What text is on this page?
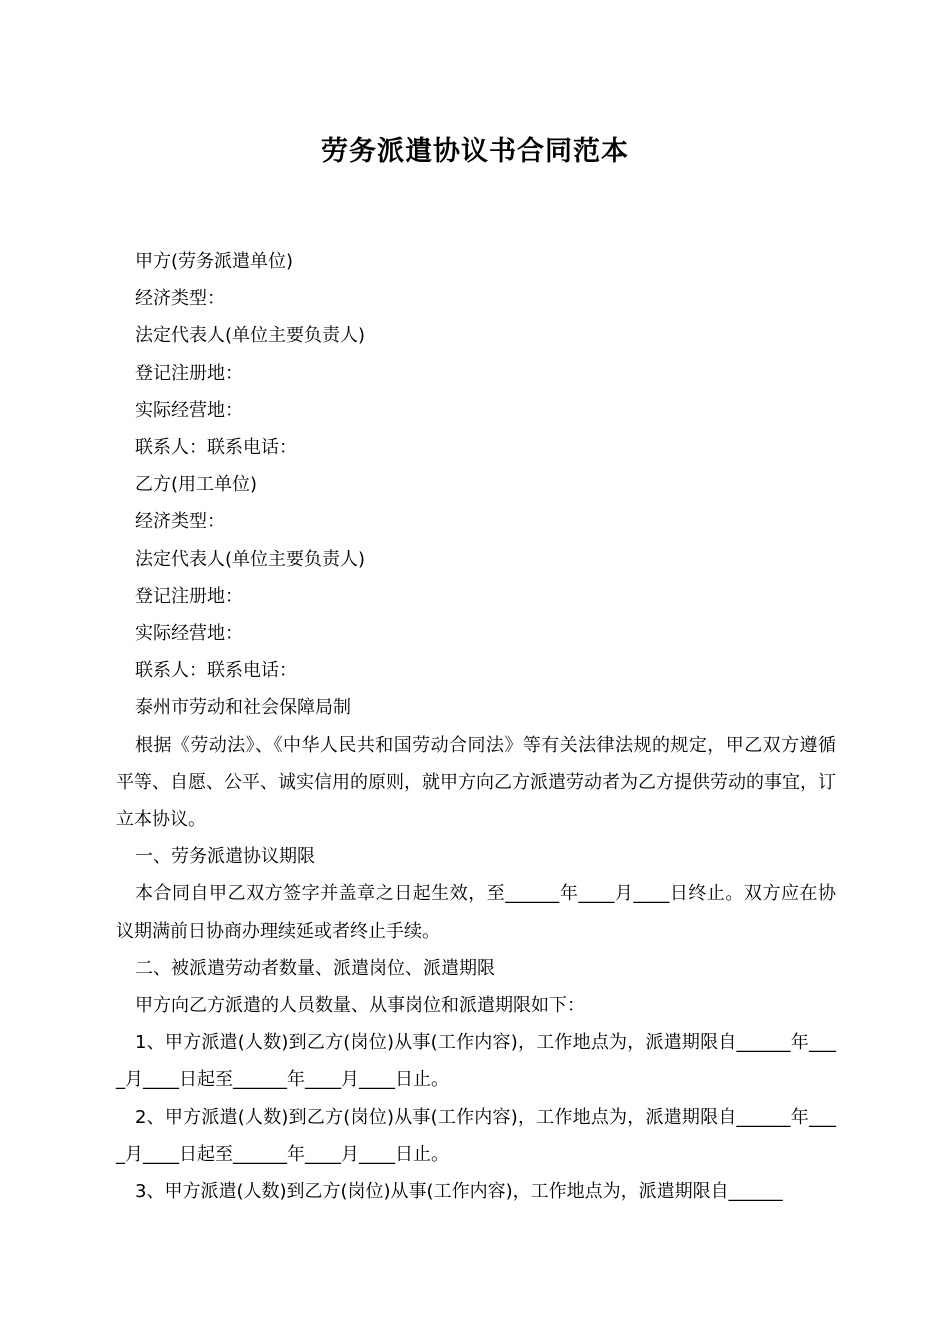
劳务派遣协议书合同范本

甲方(劳务派遣单位)

经济类型：

法定代表人(单位主要负责人)

登记注册地：

实际经营地：

联系人：联系电话：

乙方(用工单位)

经济类型：

法定代表人(单位主要负责人)

登记注册地：

实际经营地：

联系人：联系电话：

泰州市劳动和社会保障局制

根据《劳动法》、《中华人民共和国劳动合同法》等有关法律法规的规定，甲乙双方遵循平等、自愿、公平、诚实信用的原则，就甲方向乙方派遣劳动者为乙方提供劳动的事宜，订立本协议。

一、劳务派遣协议期限

本合同自甲乙双方签字并盖章之日起生效，至______年____月____日终止。双方应在协议期满前日协商办理续延或者终止手续。

二、被派遣劳动者数量、派遣岗位、派遣期限

甲方向乙方派遣的人员数量、从事岗位和派遣期限如下：

1、甲方派遣(人数)到乙方(岗位)从事(工作内容)，工作地点为，派遣期限自______年____月____日起至______年____月____日止。

2、甲方派遣(人数)到乙方(岗位)从事(工作内容)，工作地点为，派遣期限自______年____月____日起至______年____月____日止。

3、甲方派遣(人数)到乙方(岗位)从事(工作内容)，工作地点为，派遣期限自______
